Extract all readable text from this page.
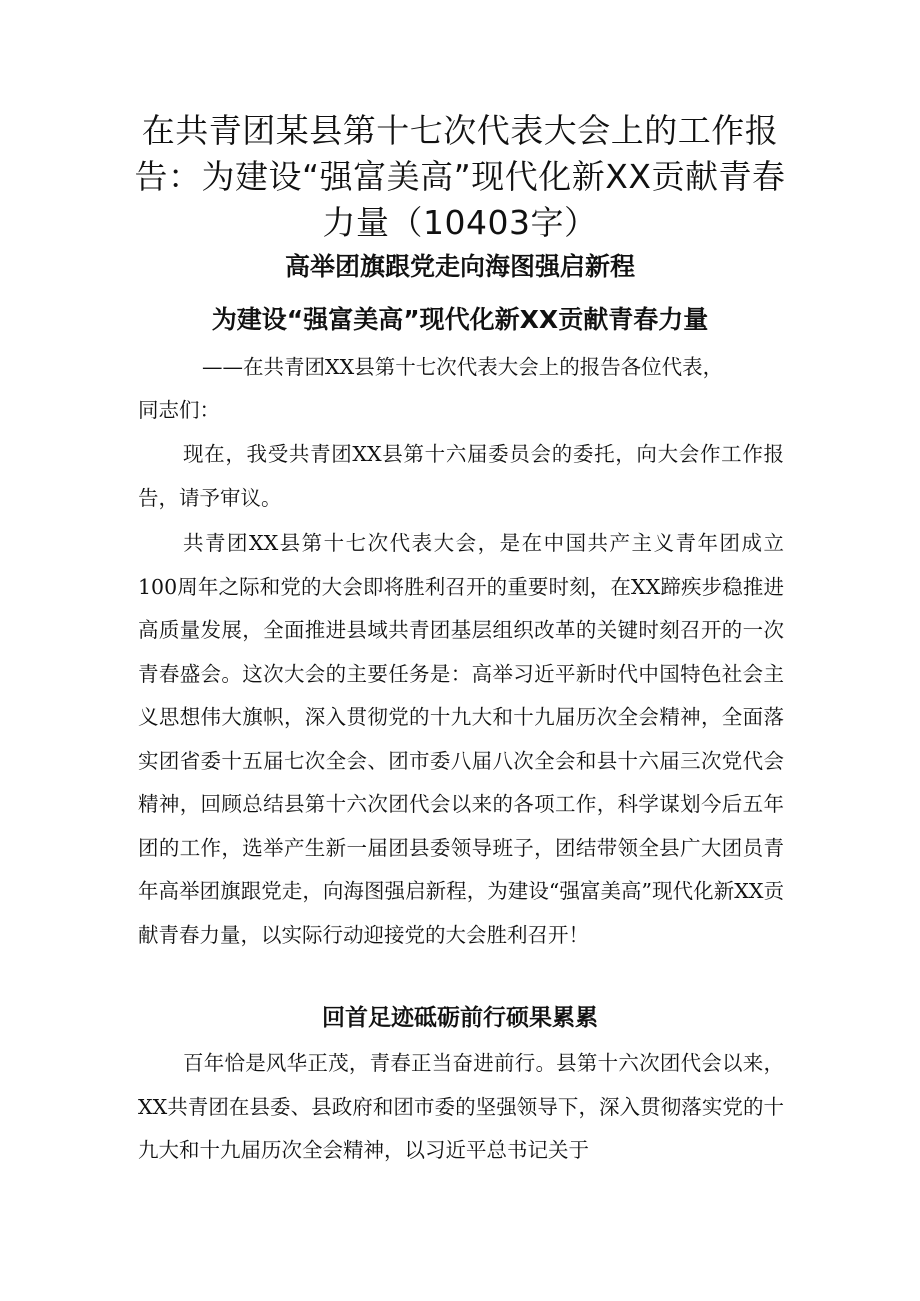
在共青团某县第十七次代表大会上的工作报告：为建设“强富美高”现代化新XX贡献青春力量（10403字）
高举团旗跟党走向海图强启新程
为建设“强富美高”现代化新XX贡献青春力量

——在共青团XX县第十七次代表大会上的报告各位代表，

同志们：

现在，我受共青团XX县第十六届委员会的委托，向大会作工作报告，请予审议。

共青团XX县第十七次代表大会，是在中国共产主义青年团成立100周年之际和党的大会即将胜利召开的重要时刻，在XX蹄疾步稳推进高质量发展，全面推进县域共青团基层组织改革的关键时刻召开的一次青春盛会。这次大会的主要任务是：高举习近平新时代中国特色社会主义思想伟大旗帜，深入贯彻党的十九大和十九届历次全会精神，全面落实团省委十五届七次全会、团市委八届八次全会和县十六届三次党代会精神，回顾总结县第十六次团代会以来的各项工作，科学谋划今后五年团的工作，选举产生新一届团县委领导班子，团结带领全县广大团员青年高举团旗跟党走，向海图强启新程，为建设“强富美高”现代化新XX贡献青春力量，以实际行动迎接党的大会胜利召开！

回首足迹砥砺前行硕果累累

百年恰是风华正茂，青春正当奋进前行。县第十六次团代会以来，XX共青团在县委、县政府和团市委的坚强领导下，深入贯彻落实党的十九大和十九届历次全会精神，以习近平总书记关于
